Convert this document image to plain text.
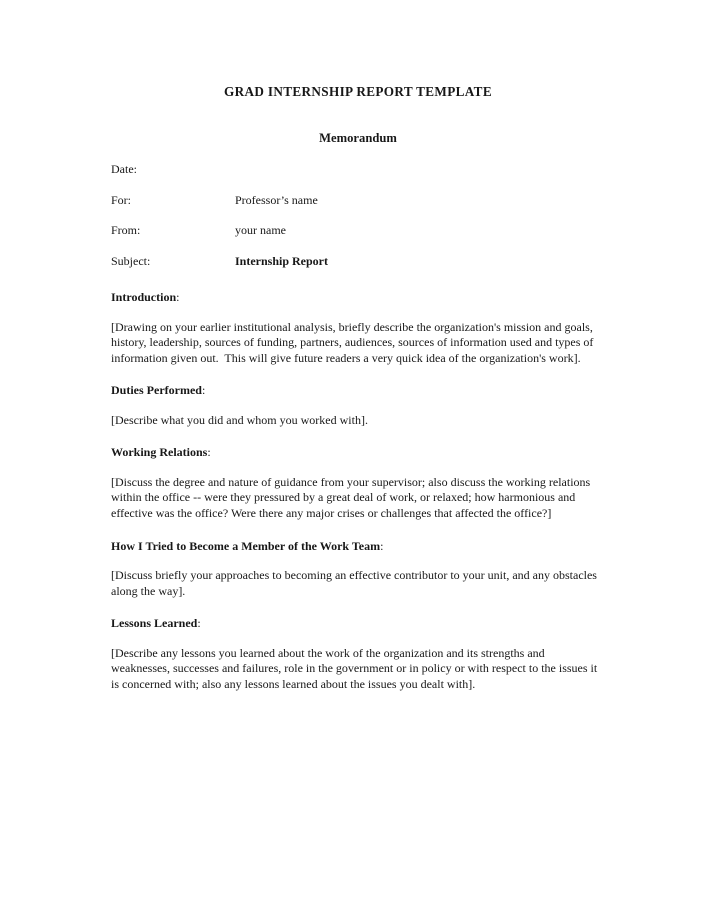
GRAD INTERNSHIP REPORT TEMPLATE
Memorandum
Date:	
For:	Professor’s name
From:	your name
Subject:	Internship Report

Introduction:

[Drawing on your earlier institutional analysis, briefly describe the organization's mission and goals, history, leadership, sources of funding, partners, audiences, sources of information used and types of information given out.  This will give future readers a very quick idea of the organization's work].

Duties Performed:

[Describe what you did and whom you worked with].

Working Relations:

[Discuss the degree and nature of guidance from your supervisor; also discuss the working relations within the office -- were they pressured by a great deal of work, or relaxed; how harmonious and effective was the office? Were there any major crises or challenges that affected the office?]

How I Tried to Become a Member of the Work Team:

[Discuss briefly your approaches to becoming an effective contributor to your unit, and any obstacles along the way].

Lessons Learned:

[Describe any lessons you learned about the work of the organization and its strengths and weaknesses, successes and failures, role in the government or in policy or with respect to the issues it is concerned with; also any lessons learned about the issues you dealt with].
